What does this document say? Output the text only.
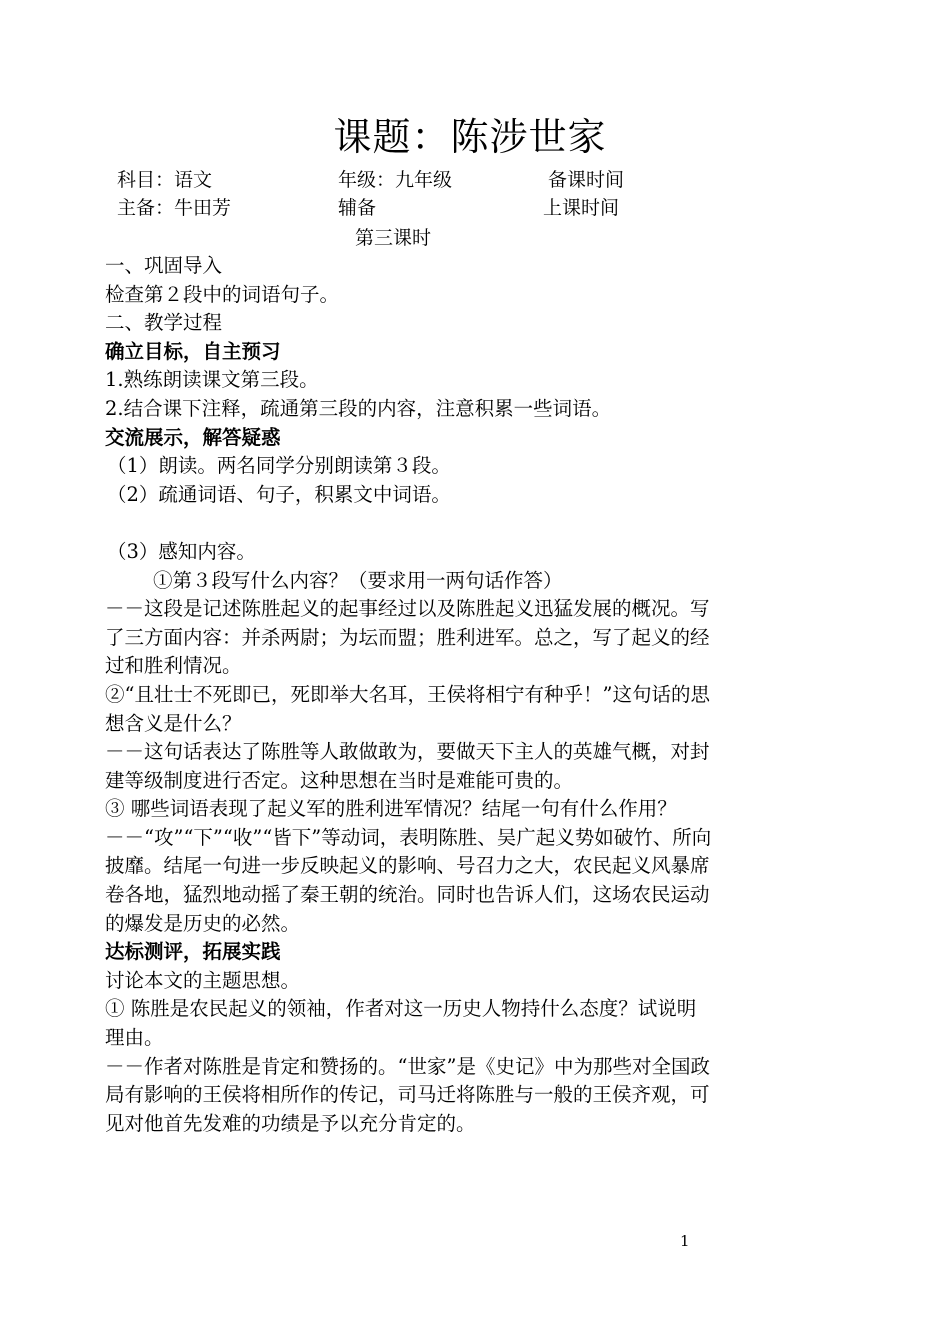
课题：陈涉世家
科目：语文	年级：九年级	备课时间
主备：牛田芳	辅备	上课时间
第三课时

一、巩固导入

检查第２段中的词语句子。

二、教学过程

确立目标，自主预习

1.熟练朗读课文第三段。

2.结合课下注释，疏通第三段的内容，注意积累一些词语。

交流展示，解答疑惑

（1）朗读。两名同学分别朗读第３段。

（2）疏通词语、句子，积累文中词语。

（3）感知内容。

①第３段写什么内容？（要求用一两句话作答）

－－这段是记述陈胜起义的起事经过以及陈胜起义迅猛发展的概况。写了三方面内容：并杀两尉；为坛而盟；胜利进军。总之，写了起义的经过和胜利情况。

②“且壮士不死即已，死即举大名耳，王侯将相宁有种乎！”这句话的思想含义是什么？

－－这句话表达了陈胜等人敢做敢为，要做天下主人的英雄气概，对封建等级制度进行否定。这种思想在当时是难能可贵的。

③ 哪些词语表现了起义军的胜利进军情况？结尾一句有什么作用？

－－“攻”“下”“收”“皆下”等动词，表明陈胜、吴广起义势如破竹、所向披靡。结尾一句进一步反映起义的影响、号召力之大，农民起义风暴席卷各地，猛烈地动摇了秦王朝的统治。同时也告诉人们，这场农民运动的爆发是历史的必然。

达标测评，拓展实践

讨论本文的主题思想。

① 陈胜是农民起义的领袖，作者对这一历史人物持什么态度？试说明理由。

－－作者对陈胜是肯定和赞扬的。“世家”是《史记》中为那些对全国政局有影响的王侯将相所作的传记，司马迁将陈胜与一般的王侯齐观，可见对他首先发难的功绩是予以充分肯定的。

1
